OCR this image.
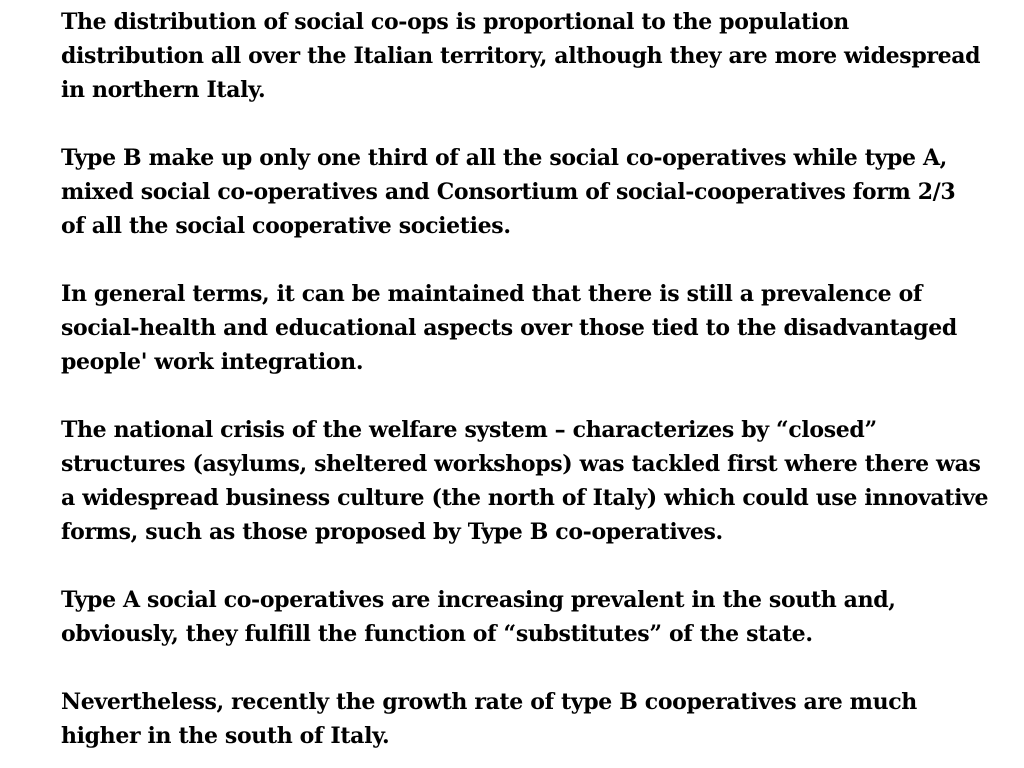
The distribution of social co-ops is proportional to the population
distribution all over the Italian territory, although they are more widespread
in northern Italy.

Type B make up only one third of all the social co-operatives while type A,
mixed social co-operatives and Consortium of social-cooperatives form 2/3
of all the social cooperative societies.

In general terms, it can be maintained that there is still a prevalence of
social-health and educational aspects over those tied to the disadvantaged
people' work integration.

The national crisis of the welfare system – characterizes by “closed”
structures (asylums, sheltered workshops) was tackled first where there was
a widespread business culture (the north of Italy) which could use innovative
forms, such as those proposed by Type B co-operatives.

Type A social co-operatives are increasing prevalent in the south and,
obviously, they fulfill the function of “substitutes” of the state.

Nevertheless, recently the growth rate of type B cooperatives are much
higher in the south of Italy.
